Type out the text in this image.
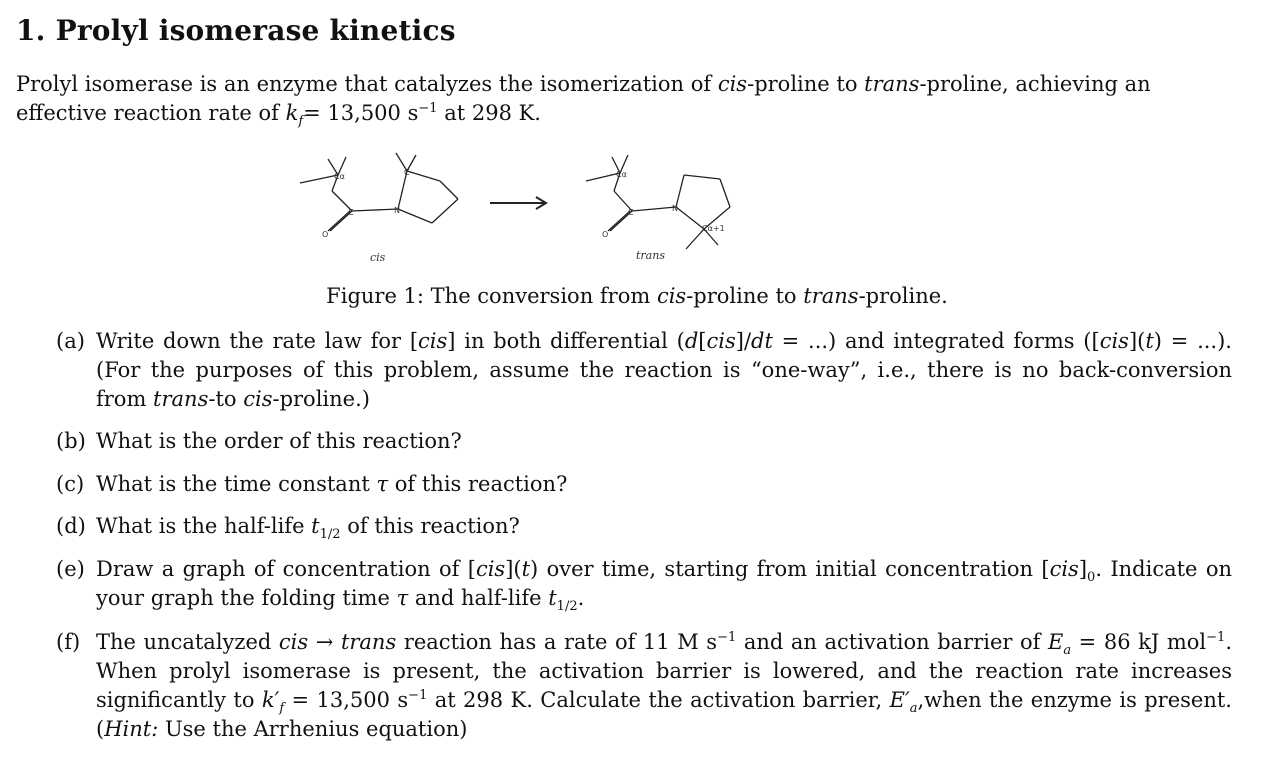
1. Prolyl isomerase kinetics
Prolyl isomerase is an enzyme that catalyzes the isomerization of cis-proline to trans-proline, achieving an effective reaction rate of $k_f= 13,500$ $s^{-1}$ at 298 K.
Cα
C	N
C
O
Cα
C	N
O
Cα+1
cis	trans
Figure 1: The conversion from cis-proline to trans-proline.
(a) Write down the rate law for [cis] in both differential (d[cis]/dt = ...) and integrated forms ([cis](t) = ...). (For the purposes of this problem, assume the reaction is “one-way”, i.e., there is no back-conversion from trans-to cis-proline.)
(b) What is the order of this reaction?
(c) What is the time constant τ of this reaction?
(d) What is the half-life $t_{1/2}$ of this reaction?
(e) Draw a graph of concentration of [cis](t) over time, starting from initial concentration $[cis]_0$. Indicate on your graph the folding time τ and half-life $t_{1/2}$.
(f) The uncatalyzed cis → trans reaction has a rate of 11 M $s^{-1}$ and an activation barrier of $E_a = 86$ kJ mol$^{-1}$. When prolyl isomerase is present, the activation barrier is lowered, and the reaction rate increases significantly to $k'_f = 13,500$ $s^{-1}$ at 298 K. Calculate the activation barrier, $E'_a,when$ the enzyme is present. (Hint: Use the Arrhenius equation)
